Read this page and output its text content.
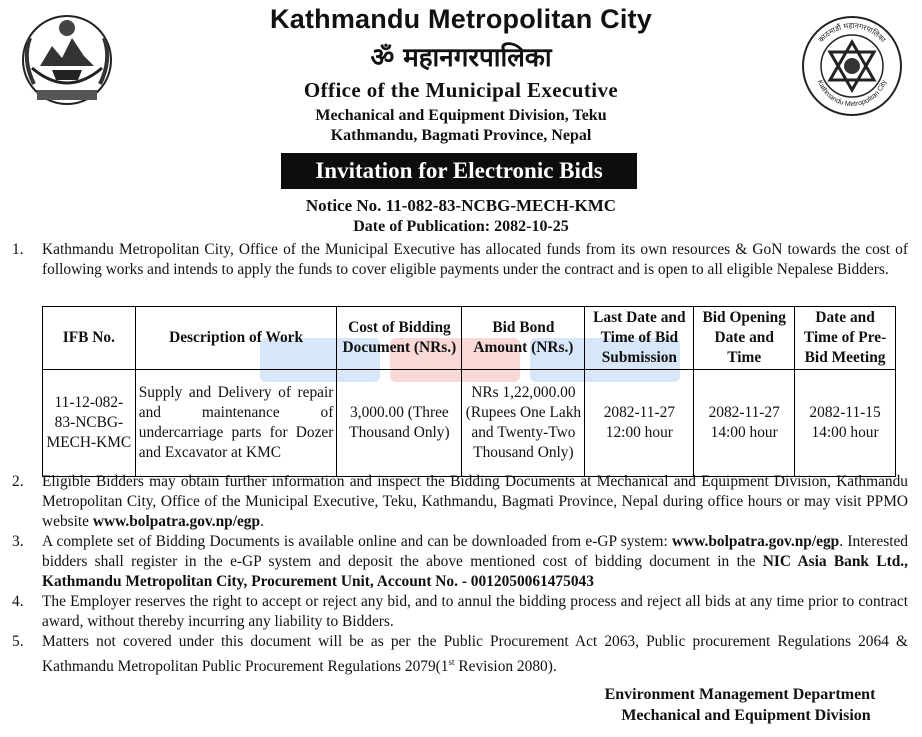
Kathmandu Metropolitan City
ॐ महानगरपालिका
Office of the Municipal Executive
Mechanical and Equipment Division, Teku
Kathmandu, Bagmati Province, Nepal
Invitation for Electronic Bids
Notice No. 11-082-83-NCBG-MECH-KMC
Date of Publication: 2082-10-25
काठमाडौं महानगरपालिका
Kathmandu Metropolitan City
1. Kathmandu Metropolitan City, Office of the Municipal Executive has allocated funds from its own resources & GoN towards the cost of following works and intends to apply the funds to cover eligible payments under the contract and is open to all eligible Nepalese Bidders.

IFB No.	Description of Work	Cost of Bidding Document (NRs.)	Bid Bond Amount (NRs.)	Last Date and Time of Bid Submission	Bid Opening Date and Time	Date and Time of Pre-Bid Meeting
11-12-082-83-NCBG-MECH-KMC	Supply and Delivery of repair and maintenance of undercarriage parts for Dozer and Excavator at KMC	3,000.00 (Three Thousand Only)	NRs 1,22,000.00 (Rupees One Lakh and Twenty-Two Thousand Only)	2082-11-27 12:00 hour	2082-11-27 14:00 hour	2082-11-15 14:00 hour
2. Eligible Bidders may obtain further information and inspect the Bidding Documents at Mechanical and Equipment Division, Kathmandu Metropolitan City, Office of the Municipal Executive, Teku, Kathmandu, Bagmati Province, Nepal during office hours or may visit PPMO website www.bolpatra.gov.np/egp.

3. A complete set of Bidding Documents is available online and can be downloaded from e-GP system: www.bolpatra.gov.np/egp. Interested bidders shall register in the e-GP system and deposit the above mentioned cost of bidding document in the NIC Asia Bank Ltd., Kathmandu Metropolitan City, Procurement Unit, Account No. - 0012050061475043

4. The Employer reserves the right to accept or reject any bid, and to annul the bidding process and reject all bids at any time prior to contract award, without thereby incurring any liability to Bidders.

5. Matters not covered under this document will be as per the Public Procurement Act 2063, Public procurement Regulations 2064 & Kathmandu Metropolitan Public Procurement Regulations 2079(1st Revision 2080).

Environment Management Department
Mechanical and Equipment Division
